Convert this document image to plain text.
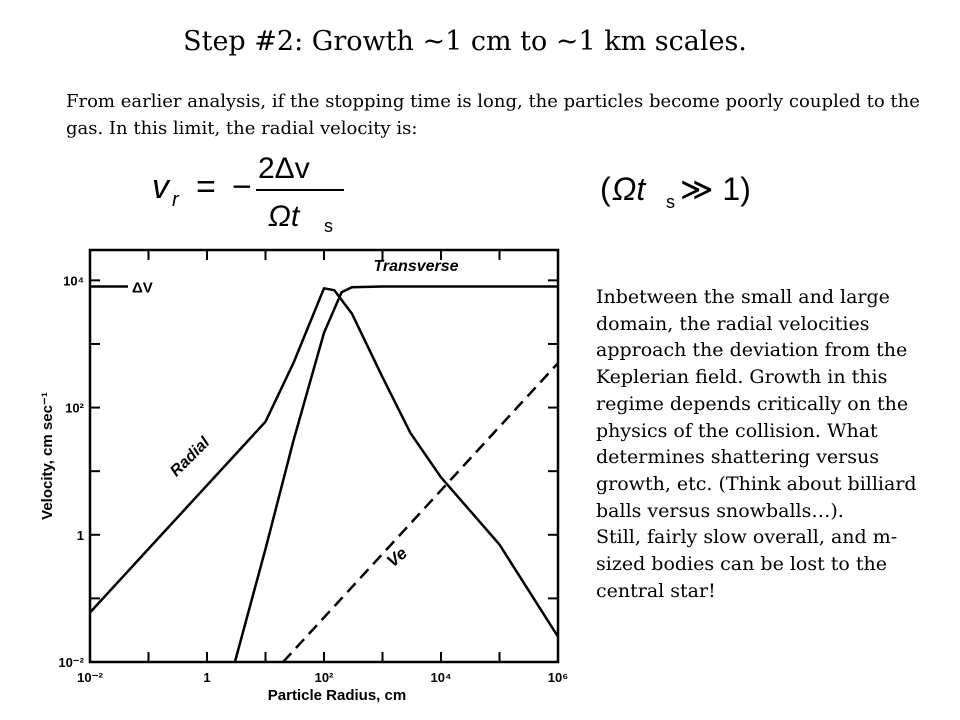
Step #2: Growth ~1 cm to ~1 km scales.
From earlier analysis, if the stopping time is long, the particles become poorly coupled to the gas. In this limit, the radial velocity is:
v r = − 2Δv
Ωt s
( Ωt s ≫ 1)
10⁻²	1	10²	10⁴	10⁶
10⁻²
1
10²
10⁴	ΔV
Radial
Transverse
Ve
Particle Radius, cm
Velocity, cm sec⁻¹

Inbetween the small and large domain, the radial velocities approach the deviation from the Keplerian field. Growth in this regime depends critically on the physics of the collision. What determines shattering versus growth, etc. (Think about billiard balls versus snowballs…).

Still, fairly slow overall, and m-sized bodies can be lost to the central star!
